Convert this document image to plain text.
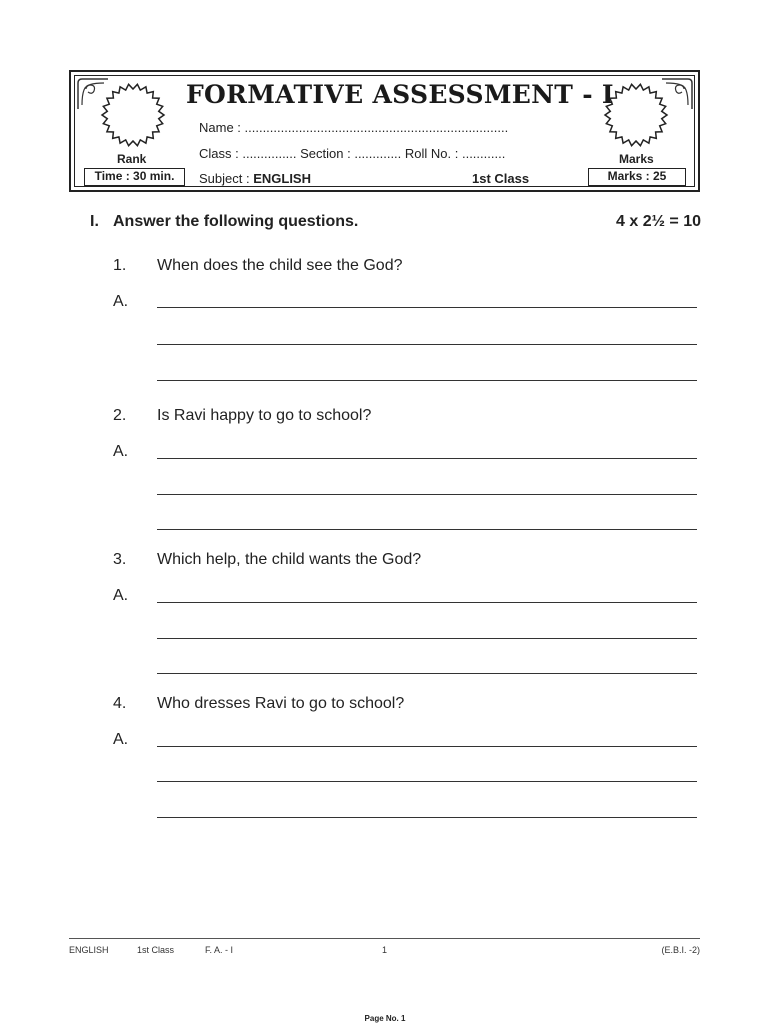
FORMATIVE ASSESSMENT - I
Name : .........................................................................
Class : ............... Section : ............. Roll No. : ............
Subject : ENGLISH	1st Class
Rank
Time : 30 min.
Marks
Marks : 25
I. Answer the following questions.	4 x 2½ = 10
1. When does the child see the God?
A.
2. Is Ravi happy to go to school?
A.
3. Which help, the child wants the God?
A.
4. Who dresses Ravi to go to school?
A.
ENGLISH	1st Class	F. A. - I	1	(E.B.I. -2)
Page No. 1
